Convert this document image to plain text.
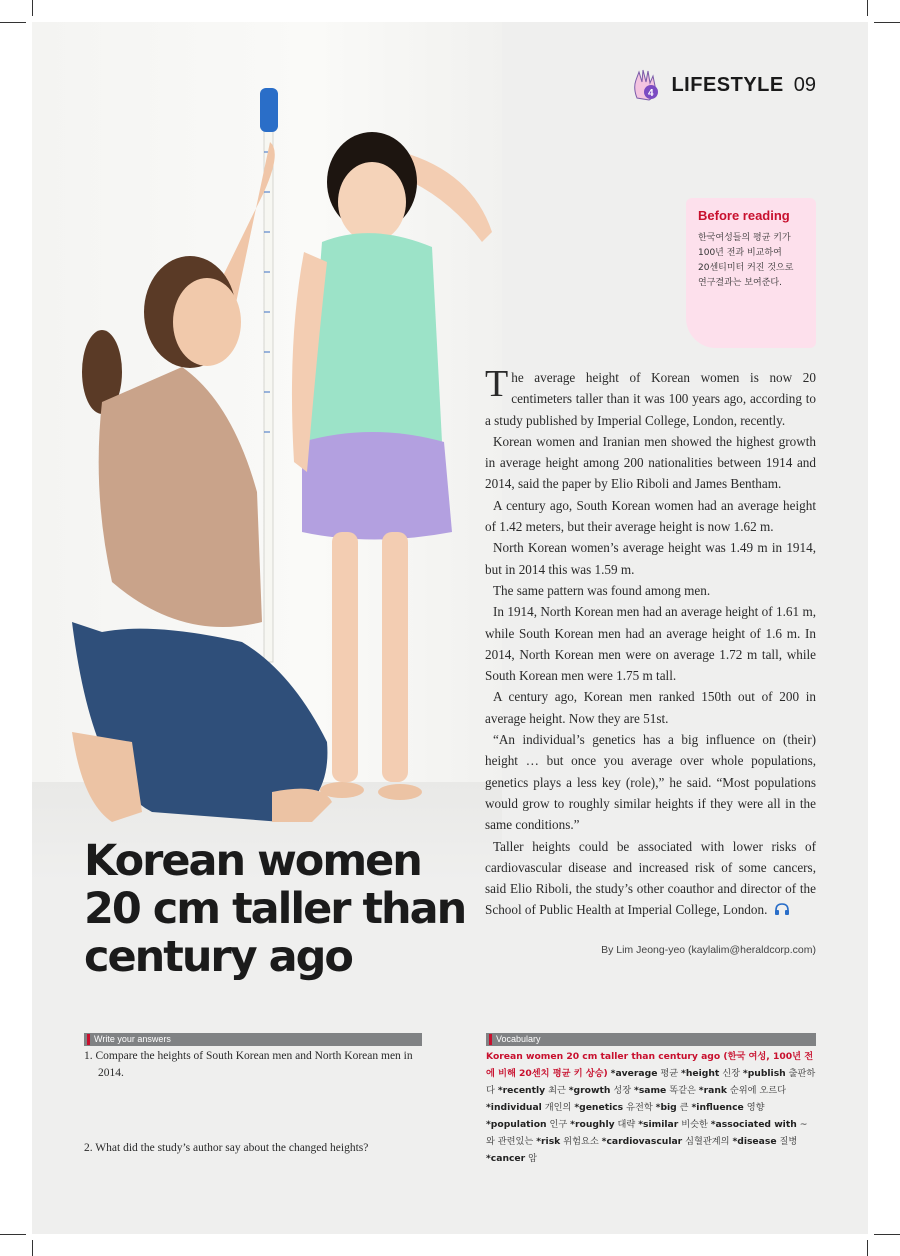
4 LIFESTYLE 09
Before reading
한국여성들의 평균 키가
100년 전과 비교하여
20센티미터 커진 것으로
연구결과는 보여준다.

The average height of Korean women is now 20 centimeters taller than it was 100 years ago, according to a study published by Imperial College, London, recently.

Korean women and Iranian men showed the highest growth in average height among 200 nationalities between 1914 and 2014, said the paper by Elio Riboli and James Bentham.

A century ago, South Korean women had an average height of 1.42 meters, but their average height is now 1.62 m.

North Korean women’s average height was 1.49 m in 1914, but in 2014 this was 1.59 m.

The same pattern was found among men.

In 1914, North Korean men had an average height of 1.61 m, while South Korean men had an average height of 1.6 m. In 2014, North Korean men were on average 1.72 m tall, while South Korean men were 1.75 m tall.

A century ago, Korean men ranked 150th out of 200 in average height. Now they are 51st.

“An individual’s genetics has a big influence on (their) height … but once you average over whole populations, genetics plays a less key (role),” he said. “Most populations would grow to roughly similar heights if they were all in the same conditions.”

Taller heights could be associated with lower risks of cardiovascular disease and increased risk of some cancers, said Elio Riboli, the study’s other coauthor and director of the School of Public Health at Imperial College, London.

By Lim Jeong-yeo (kaylalim@heraldcorp.com)
Korean women 20 cm taller than century ago
Write your answers
1. Compare the heights of South Korean men and North Korean men in 2014.
2. What did the study’s author say about the changed heights?
Vocabulary
Korean women 20 cm taller than century ago (한국 여성, 100년 전에 비해 20센치 평균 키 상승) *average 평균 *height 신장 *publish 출판하다 *recently 최근 *growth 성장 *same 똑같은 *rank 순위에 오르다 *individual 개인의 *genetics 유전학 *big 큰 *influence 영향 *population 인구 *roughly 대략 *similar 비슷한 *associated with ~와 관련있는 *risk 위험요소 *cardiovascular 심혈관계의 *disease 질병 *cancer 암
